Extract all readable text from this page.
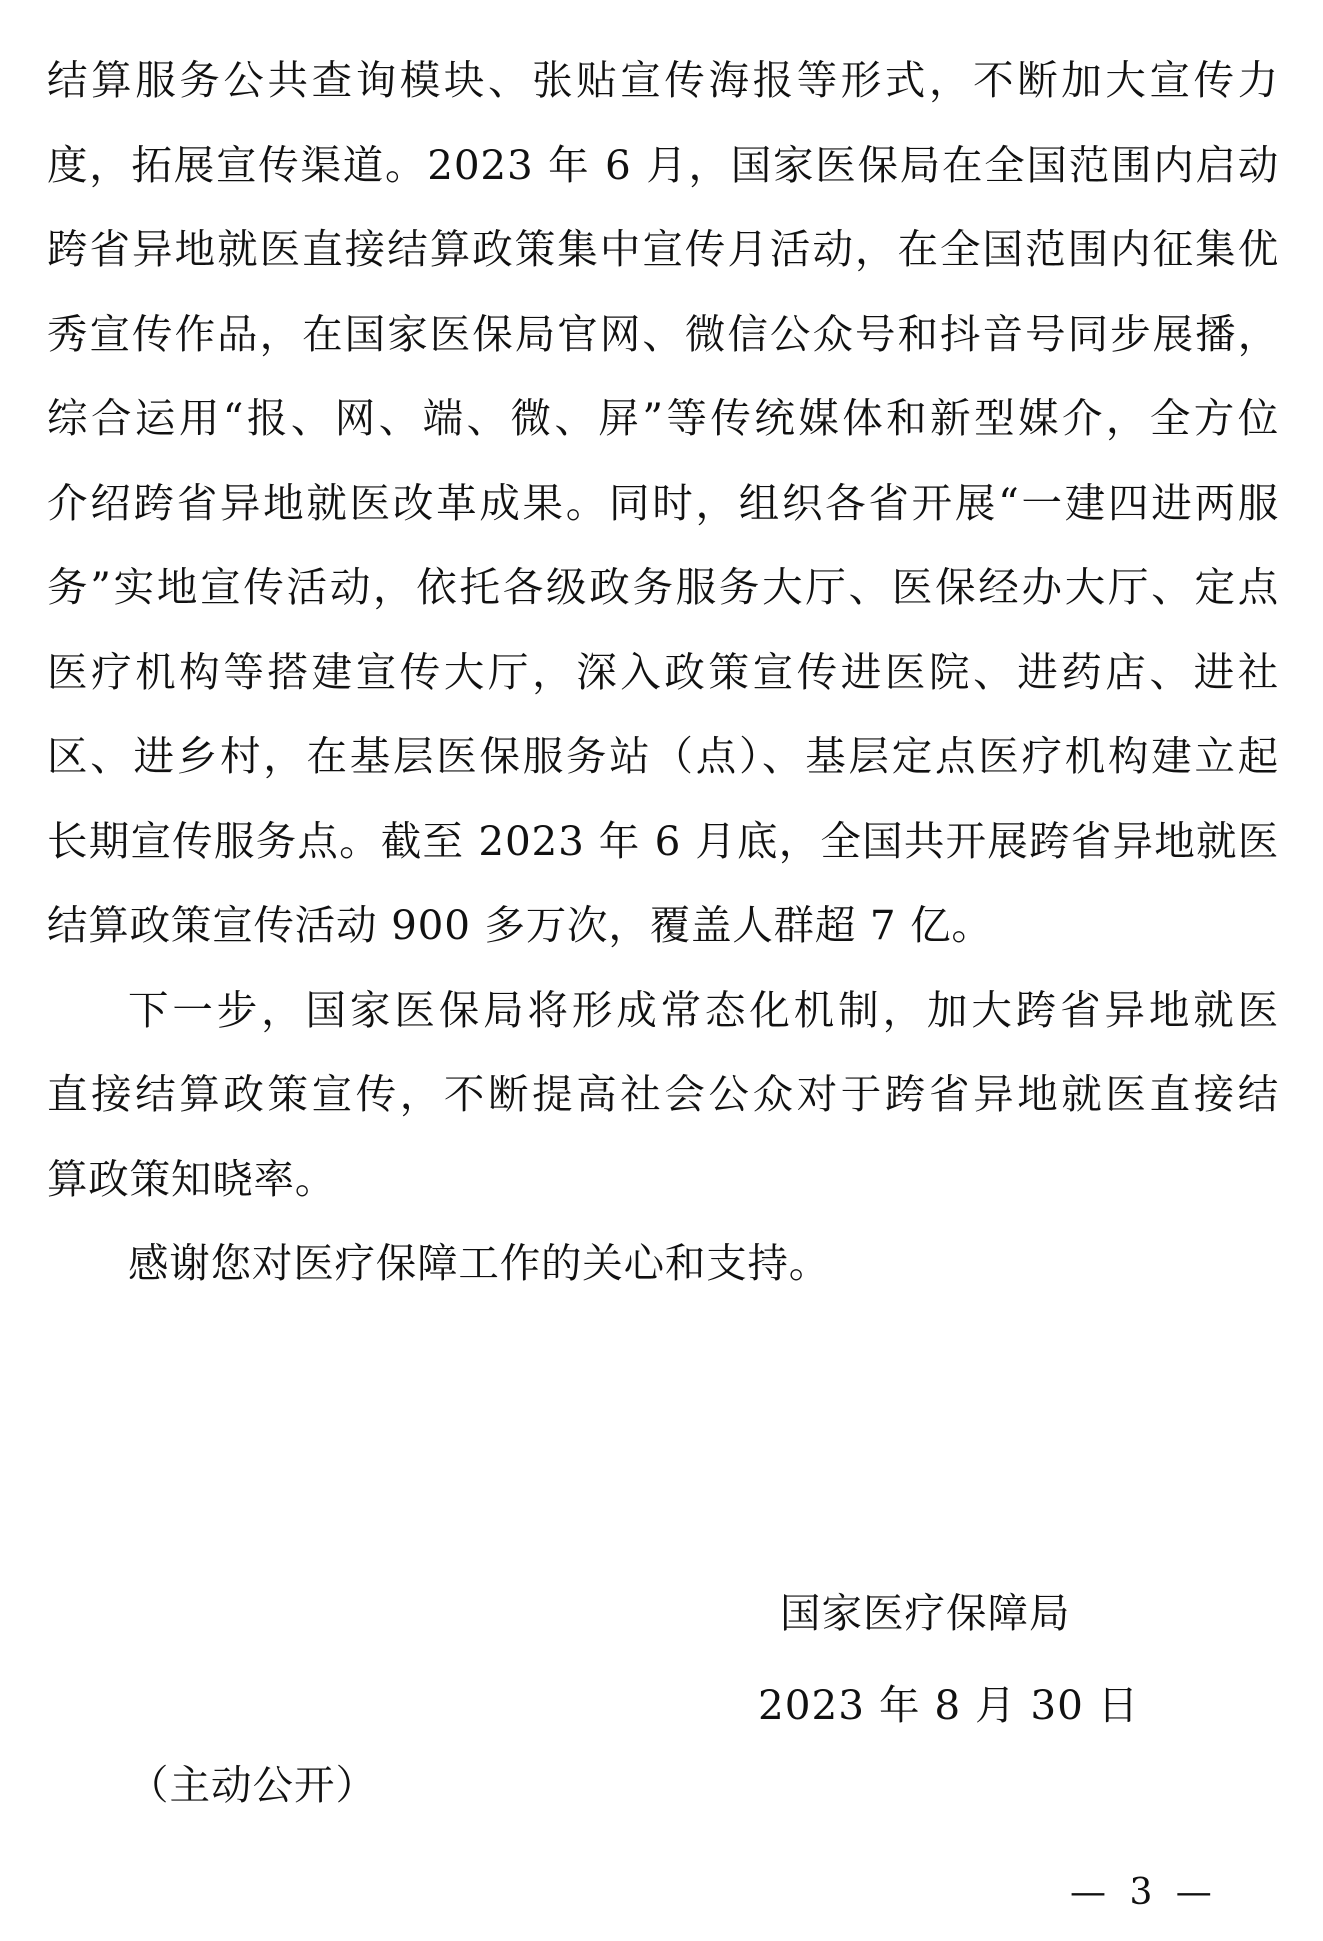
结算服务公共查询模块、张贴宣传海报等形式，不断加大宣传力
度，拓展宣传渠道。2023 年 6 月，国家医保局在全国范围内启动
跨省异地就医直接结算政策集中宣传月活动，在全国范围内征集优
秀宣传作品，在国家医保局官网、微信公众号和抖音号同步展播，
综合运用“报、网、端、微、屏”等传统媒体和新型媒介，全方位
介绍跨省异地就医改革成果。同时，组织各省开展“一建四进两服
务”实地宣传活动，依托各级政务服务大厅、医保经办大厅、定点
医疗机构等搭建宣传大厅，深入政策宣传进医院、进药店、进社
区、进乡村，在基层医保服务站（点）、基层定点医疗机构建立起
长期宣传服务点。截至 2023 年 6 月底，全国共开展跨省异地就医
结算政策宣传活动 900 多万次，覆盖人群超 7 亿。

下一步，国家医保局将形成常态化机制，加大跨省异地就医
直接结算政策宣传，不断提高社会公众对于跨省异地就医直接结
算政策知晓率。

感谢您对医疗保障工作的关心和支持。

国家医疗保障局
2023 年 8 月 30 日
（主动公开）
— 3 —
